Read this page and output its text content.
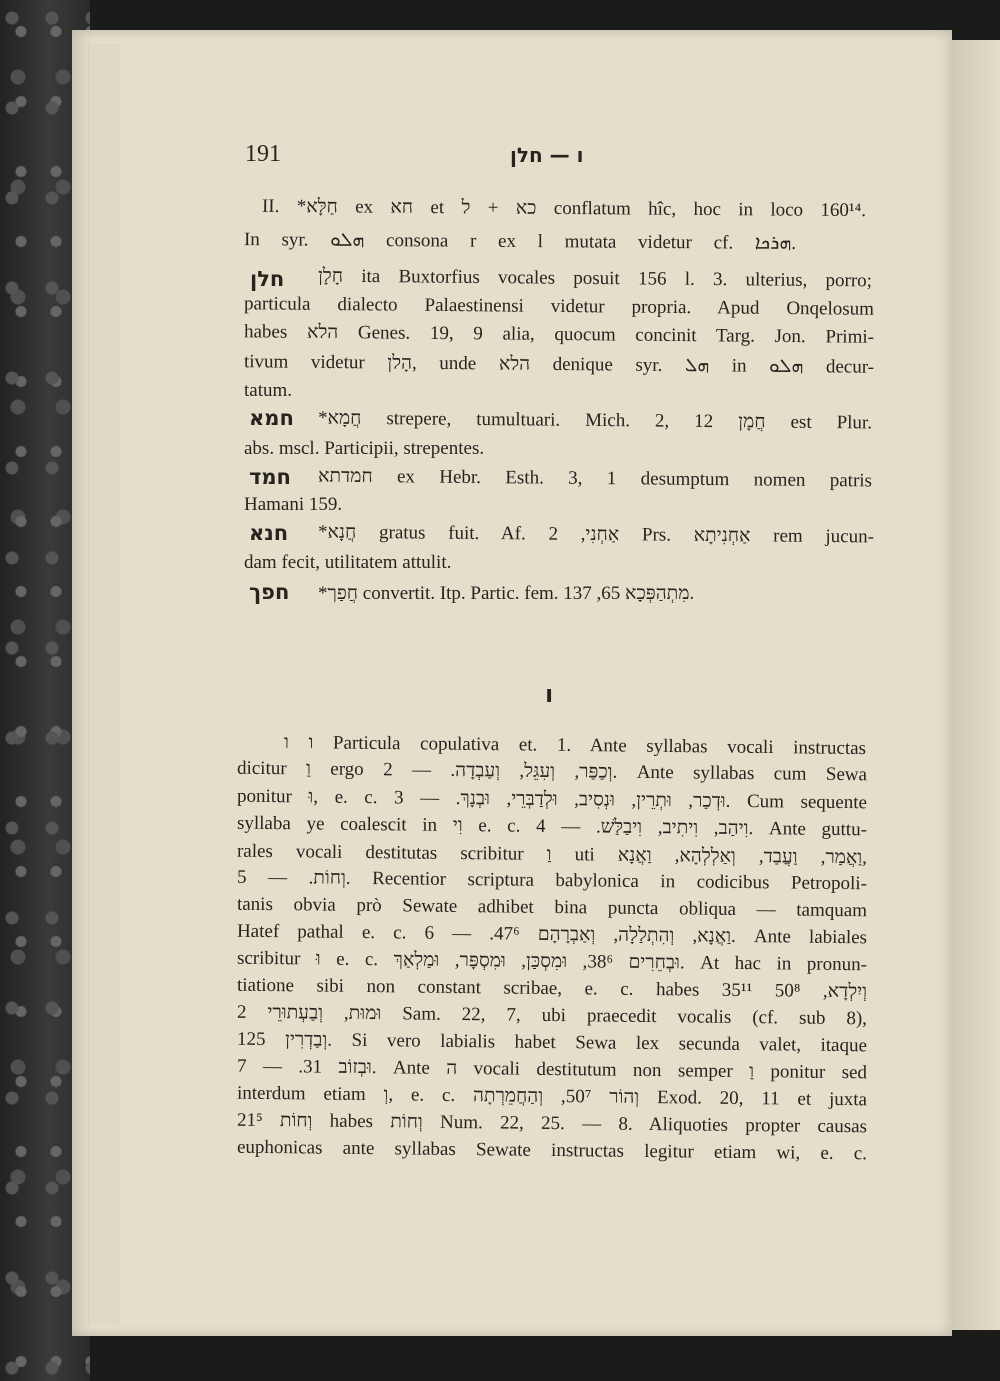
191	ו — חלן
II. *חַלָּא ex חא et כא + ל conflatum hîc, hoc in loco 160¹⁴.
In syr. ܗܠܘ consona r ex l mutata videtur cf. ܗܪܟܐ.
חלן חָלָן ita Buxtorfius vocales posuit 156 l. 3. ulterius, porro;
particula dialecto Palaestinensi videtur propria. Apud Onqelosum
habes הלא Genes. 19, 9 alia, quocum concinit Targ. Jon. Primi-
tivum videtur הָלן, unde הלא denique syr. ܗܠ in ܗܠܘ decur-
tatum.
חמא *חֲמָא strepere, tumultuari. Mich. 2, 12 חֲמָן est Plur.
abs. mscl. Participii, strepentes.
חמד חמדתא ex Hebr. Esth. 3, 1 desumptum nomen patris
Hamani 159.
חנא *חֲנָא gratus fuit. Af. אַחְנִי, 2 Prs. אַחְנִיתָא rem jucun-
dam fecit, utilitatem attulit.
חפך *חֲפַך convertit. Itp. Partic. fem. מִתְהַפְּכָא 65, 137.
ו
ו ו Particula copulativa et. 1. Ante syllabas vocali instructas
dicitur וַ ergo וְכַפַּר, וְעִגֵּל, וְעַבְדָה. — 2. Ante syllabas cum Sewa
ponitur וּ, e. c. וּדְכַר, וּתְרֵין, וּנְסִיב, וּלְדַבְּרֵי, וּבְנָךְ. — 3. Cum sequente
syllaba ye coalescit in וִי e. c. וִיהַב, וִיתִיב, וִיבַלַּשׁ. — 4. Ante guttu-
rales vocali destitutas scribitur וַ uti וַאֲמַר, וַעֲבַד, וְאַלְלְהָא, וַאֲנָא,
וְחוֹת. — 5. Recentior scriptura babylonica in codicibus Petropoli-
tanis obvia prò Sewate adhibet bina puncta obliqua — tamquam
Hatef pathal e. c. וַאֲנָא, וְהִתְלַלָה, וְאַבְרָהָם 47⁶. — 6. Ante labiales
scribitur וּ e. c. וּבְחֵרִים 38⁶, וּמִסְכַּן, וּמִסְפָּר, וּמַלְאַךְ. At hac in pronun-
tiatione sibi non constant scribae, e. c. habes 35¹¹ וְיִלְדָא, 50⁸
וּמוּת, וְבַעְתוּרֵי 2 Sam. 22, 7, ubi praecedit vocalis (cf. sub 8),
וְבַדְרִין 125. Si vero labialis habet Sewa lex secunda valet, itaque
וּבְזוֹב 31. — 7. Ante ה vocali destitutum non semper וַ ponitur sed
interdum etiam וְ, e. c. וְהוֹר 50⁷, וְהַחֲמֵרְתָה Exod. 20, 11 et juxta
וְחוֹת 21⁵ habes וְחוֹת Num. 22, 25. — 8. Aliquoties propter causas
euphonicas ante syllabas Sewate instructas legitur etiam wi, e. c.
